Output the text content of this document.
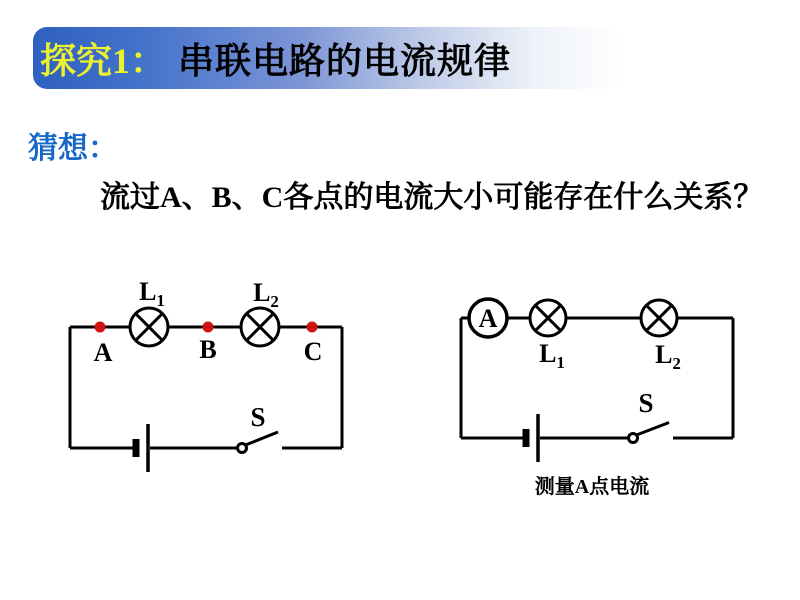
探究1： 串联电路的电流规律
猜想：
流过A、B、C各点的电流大小可能存在什么关系？
$L_1$	$L_2$
A	B	C
S
A
$L_1$	$L_2$
S
测量A点电流
